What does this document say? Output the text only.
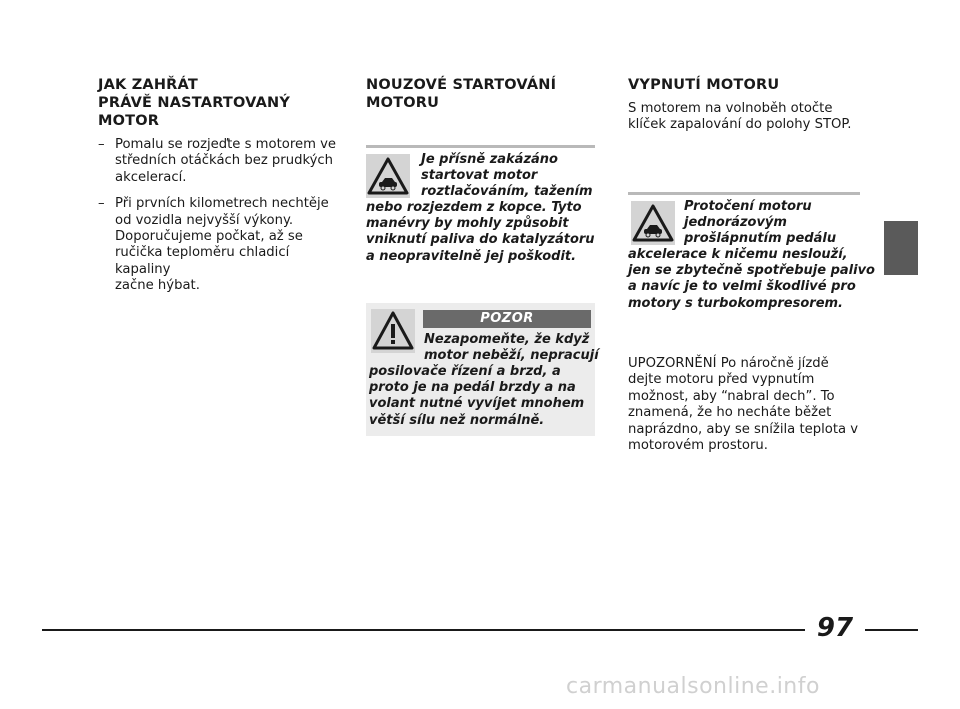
JAK ZAHŘÁT
PRÁVĚ NASTARTOVANÝ
MOTOR
– Pomalu se rozjeďte s motorem ve
středních otáčkách bez prudkých
akcelerací.
– Při prvních kilometrech nechtěje
od vozidla nejvyšší výkony.
Doporučujeme počkat, až se
ručička teploměru chladicí kapaliny
začne hýbat.
NOUZOVÉ STARTOVÁNÍ
MOTORU
Je přísně zakázáno
startovat motor
roztlačováním, tažením
nebo rozjezdem z kopce. Tyto
manévry by mohly způsobit
vniknutí paliva do katalyzátoru
a neopravitelně jej poškodit.
POZOR
Nezapomeňte, že když
motor neběží, nepracují
posilovače řízení a brzd, a
proto je na pedál brzdy a na
volant nutné vyvíjet mnohem
větší sílu než normálně.
VYPNUTÍ MOTORU
S motorem na volnoběh otočte
klíček zapalování do polohy STOP.
Protočení motoru
jednorázovým
prošlápnutím pedálu
akcelerace k ničemu neslouží,
jen se zbytečně spotřebuje palivo
a navíc je to velmi škodlivé pro
motory s turbokompresorem.
UPOZORNĚNÍ Po náročně jízdě
dejte motoru před vypnutím
možnost, aby “nabral dech”. To
znamená, že ho necháte běžet
naprázdno, aby se snížila teplota v
motorovém prostoru.
97
carmanualsonline.info
